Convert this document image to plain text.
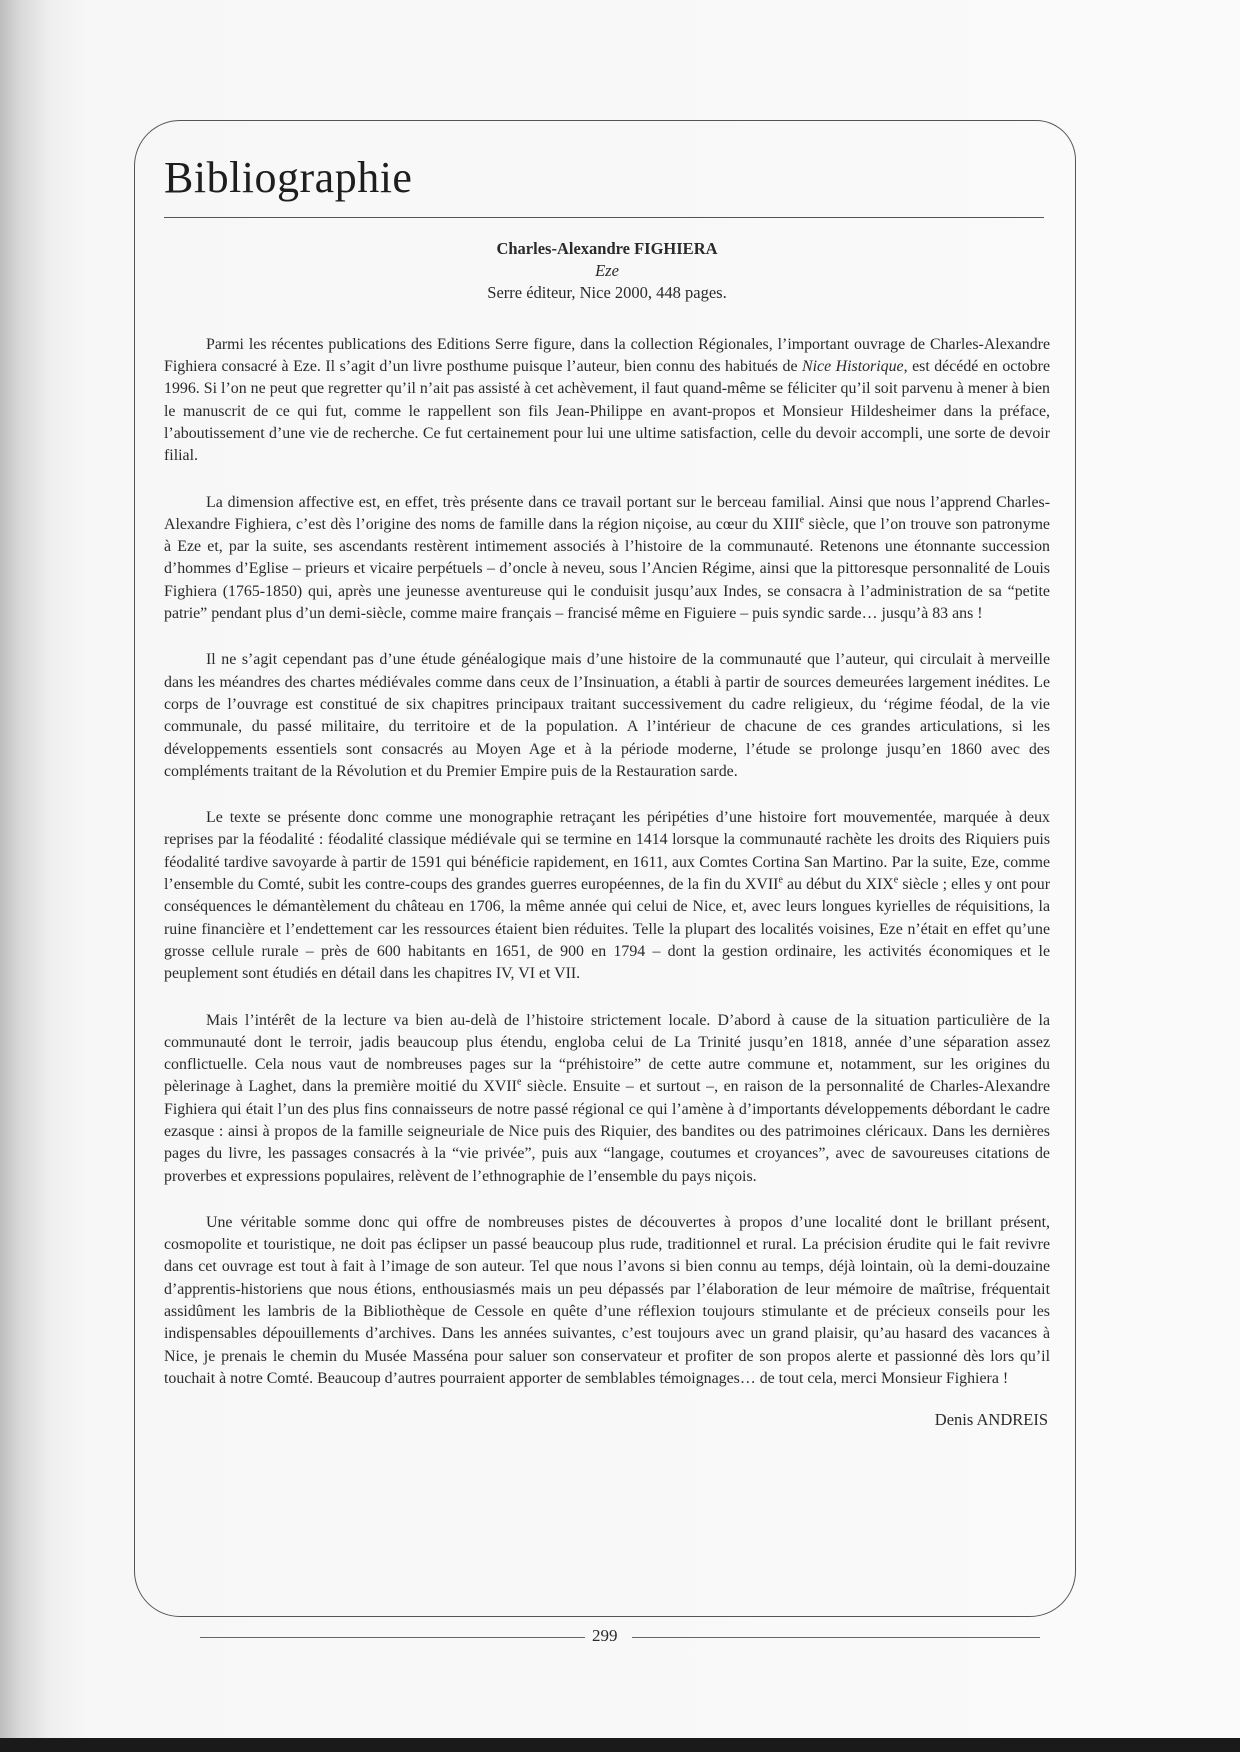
Bibliographie
Charles-Alexandre FIGHIERA
Eze
Serre éditeur, Nice 2000, 448 pages.

Parmi les récentes publications des Editions Serre figure, dans la collection Régionales, l’important ouvrage de Charles-Alexandre Fighiera consacré à Eze. Il s’agit d’un livre posthume puisque l’auteur, bien connu des habitués de Nice Historique, est décédé en octobre 1996. Si l’on ne peut que regretter qu’il n’ait pas assisté à cet achèvement, il faut quand-même se féliciter qu’il soit parvenu à mener à bien le manuscrit de ce qui fut, comme le rappellent son fils Jean-Philippe en avant-propos et Monsieur Hildesheimer dans la préface, l’aboutissement d’une vie de recherche. Ce fut certainement pour lui une ultime satisfaction, celle du devoir accompli, une sorte de devoir filial.

La dimension affective est, en effet, très présente dans ce travail portant sur le berceau familial. Ainsi que nous l’apprend Charles-Alexandre Fighiera, c’est dès l’origine des noms de famille dans la région niçoise, au cœur du XIIIe siècle, que l’on trouve son patronyme à Eze et, par la suite, ses ascendants restèrent intimement associés à l’histoire de la communauté. Retenons une étonnante succession d’hommes d’Eglise – prieurs et vicaire perpétuels – d’oncle à neveu, sous l’Ancien Régime, ainsi que la pittoresque personnalité de Louis Fighiera (1765-1850) qui, après une jeunesse aventureuse qui le conduisit jusqu’aux Indes, se consacra à l’administration de sa “petite patrie” pendant plus d’un demi-siècle, comme maire français – francisé même en Figuiere – puis syndic sarde… jusqu’à 83 ans !

Il ne s’agit cependant pas d’une étude généalogique mais d’une histoire de la communauté que l’auteur, qui circulait à merveille dans les méandres des chartes médiévales comme dans ceux de l’Insinuation, a établi à partir de sources demeurées largement inédites. Le corps de l’ouvrage est constitué de six chapitres principaux traitant successivement du cadre religieux, du ‘régime féodal, de la vie communale, du passé militaire, du territoire et de la population. A l’intérieur de chacune de ces grandes articulations, si les développements essentiels sont consacrés au Moyen Age et à la période moderne, l’étude se prolonge jusqu’en 1860 avec des compléments traitant de la Révolution et du Premier Empire puis de la Restauration sarde.

Le texte se présente donc comme une monographie retraçant les péripéties d’une histoire fort mouvementée, marquée à deux reprises par la féodalité : féodalité classique médiévale qui se termine en 1414 lorsque la communauté rachète les droits des Riquiers puis féodalité tardive savoyarde à partir de 1591 qui bénéficie rapidement, en 1611, aux Comtes Cortina San Martino. Par la suite, Eze, comme l’ensemble du Comté, subit les contre-coups des grandes guerres européennes, de la fin du XVIIe au début du XIXe siècle ; elles y ont pour conséquences le démantèlement du château en 1706, la même année qui celui de Nice, et, avec leurs longues kyrielles de réquisitions, la ruine financière et l’endettement car les ressources étaient bien réduites. Telle la plupart des localités voisines, Eze n’était en effet qu’une grosse cellule rurale – près de 600 habitants en 1651, de 900 en 1794 – dont la gestion ordinaire, les activités économiques et le peuplement sont étudiés en détail dans les chapitres IV, VI et VII.

Mais l’intérêt de la lecture va bien au-delà de l’histoire strictement locale. D’abord à cause de la situation particulière de la communauté dont le terroir, jadis beaucoup plus étendu, engloba celui de La Trinité jusqu’en 1818, année d’une séparation assez conflictuelle. Cela nous vaut de nombreuses pages sur la “préhistoire” de cette autre commune et, notamment, sur les origines du pèlerinage à Laghet, dans la première moitié du XVIIe siècle. Ensuite – et surtout –, en raison de la personnalité de Charles-Alexandre Fighiera qui était l’un des plus fins connaisseurs de notre passé régional ce qui l’amène à d’importants développements débordant le cadre ezasque : ainsi à propos de la famille seigneuriale de Nice puis des Riquier, des bandites ou des patrimoines cléricaux. Dans les dernières pages du livre, les passages consacrés à la “vie privée”, puis aux “langage, coutumes et croyances”, avec de savoureuses citations de proverbes et expressions populaires, relèvent de l’ethnographie de l’ensemble du pays niçois.

Une véritable somme donc qui offre de nombreuses pistes de découvertes à propos d’une localité dont le brillant présent, cosmopolite et touristique, ne doit pas éclipser un passé beaucoup plus rude, traditionnel et rural. La précision érudite qui le fait revivre dans cet ouvrage est tout à fait à l’image de son auteur. Tel que nous l’avons si bien connu au temps, déjà lointain, où la demi-douzaine d’apprentis-historiens que nous étions, enthousiasmés mais un peu dépassés par l’élaboration de leur mémoire de maîtrise, fréquentait assidûment les lambris de la Bibliothèque de Cessole en quête d’une réflexion toujours stimulante et de précieux conseils pour les indispensables dépouillements d’archives. Dans les années suivantes, c’est toujours avec un grand plaisir, qu’au hasard des vacances à Nice, je prenais le chemin du Musée Masséna pour saluer son conservateur et profiter de son propos alerte et passionné dès lors qu’il touchait à notre Comté. Beaucoup d’autres pourraient apporter de semblables témoignages… de tout cela, merci Monsieur Fighiera !

Denis ANDREIS
299
